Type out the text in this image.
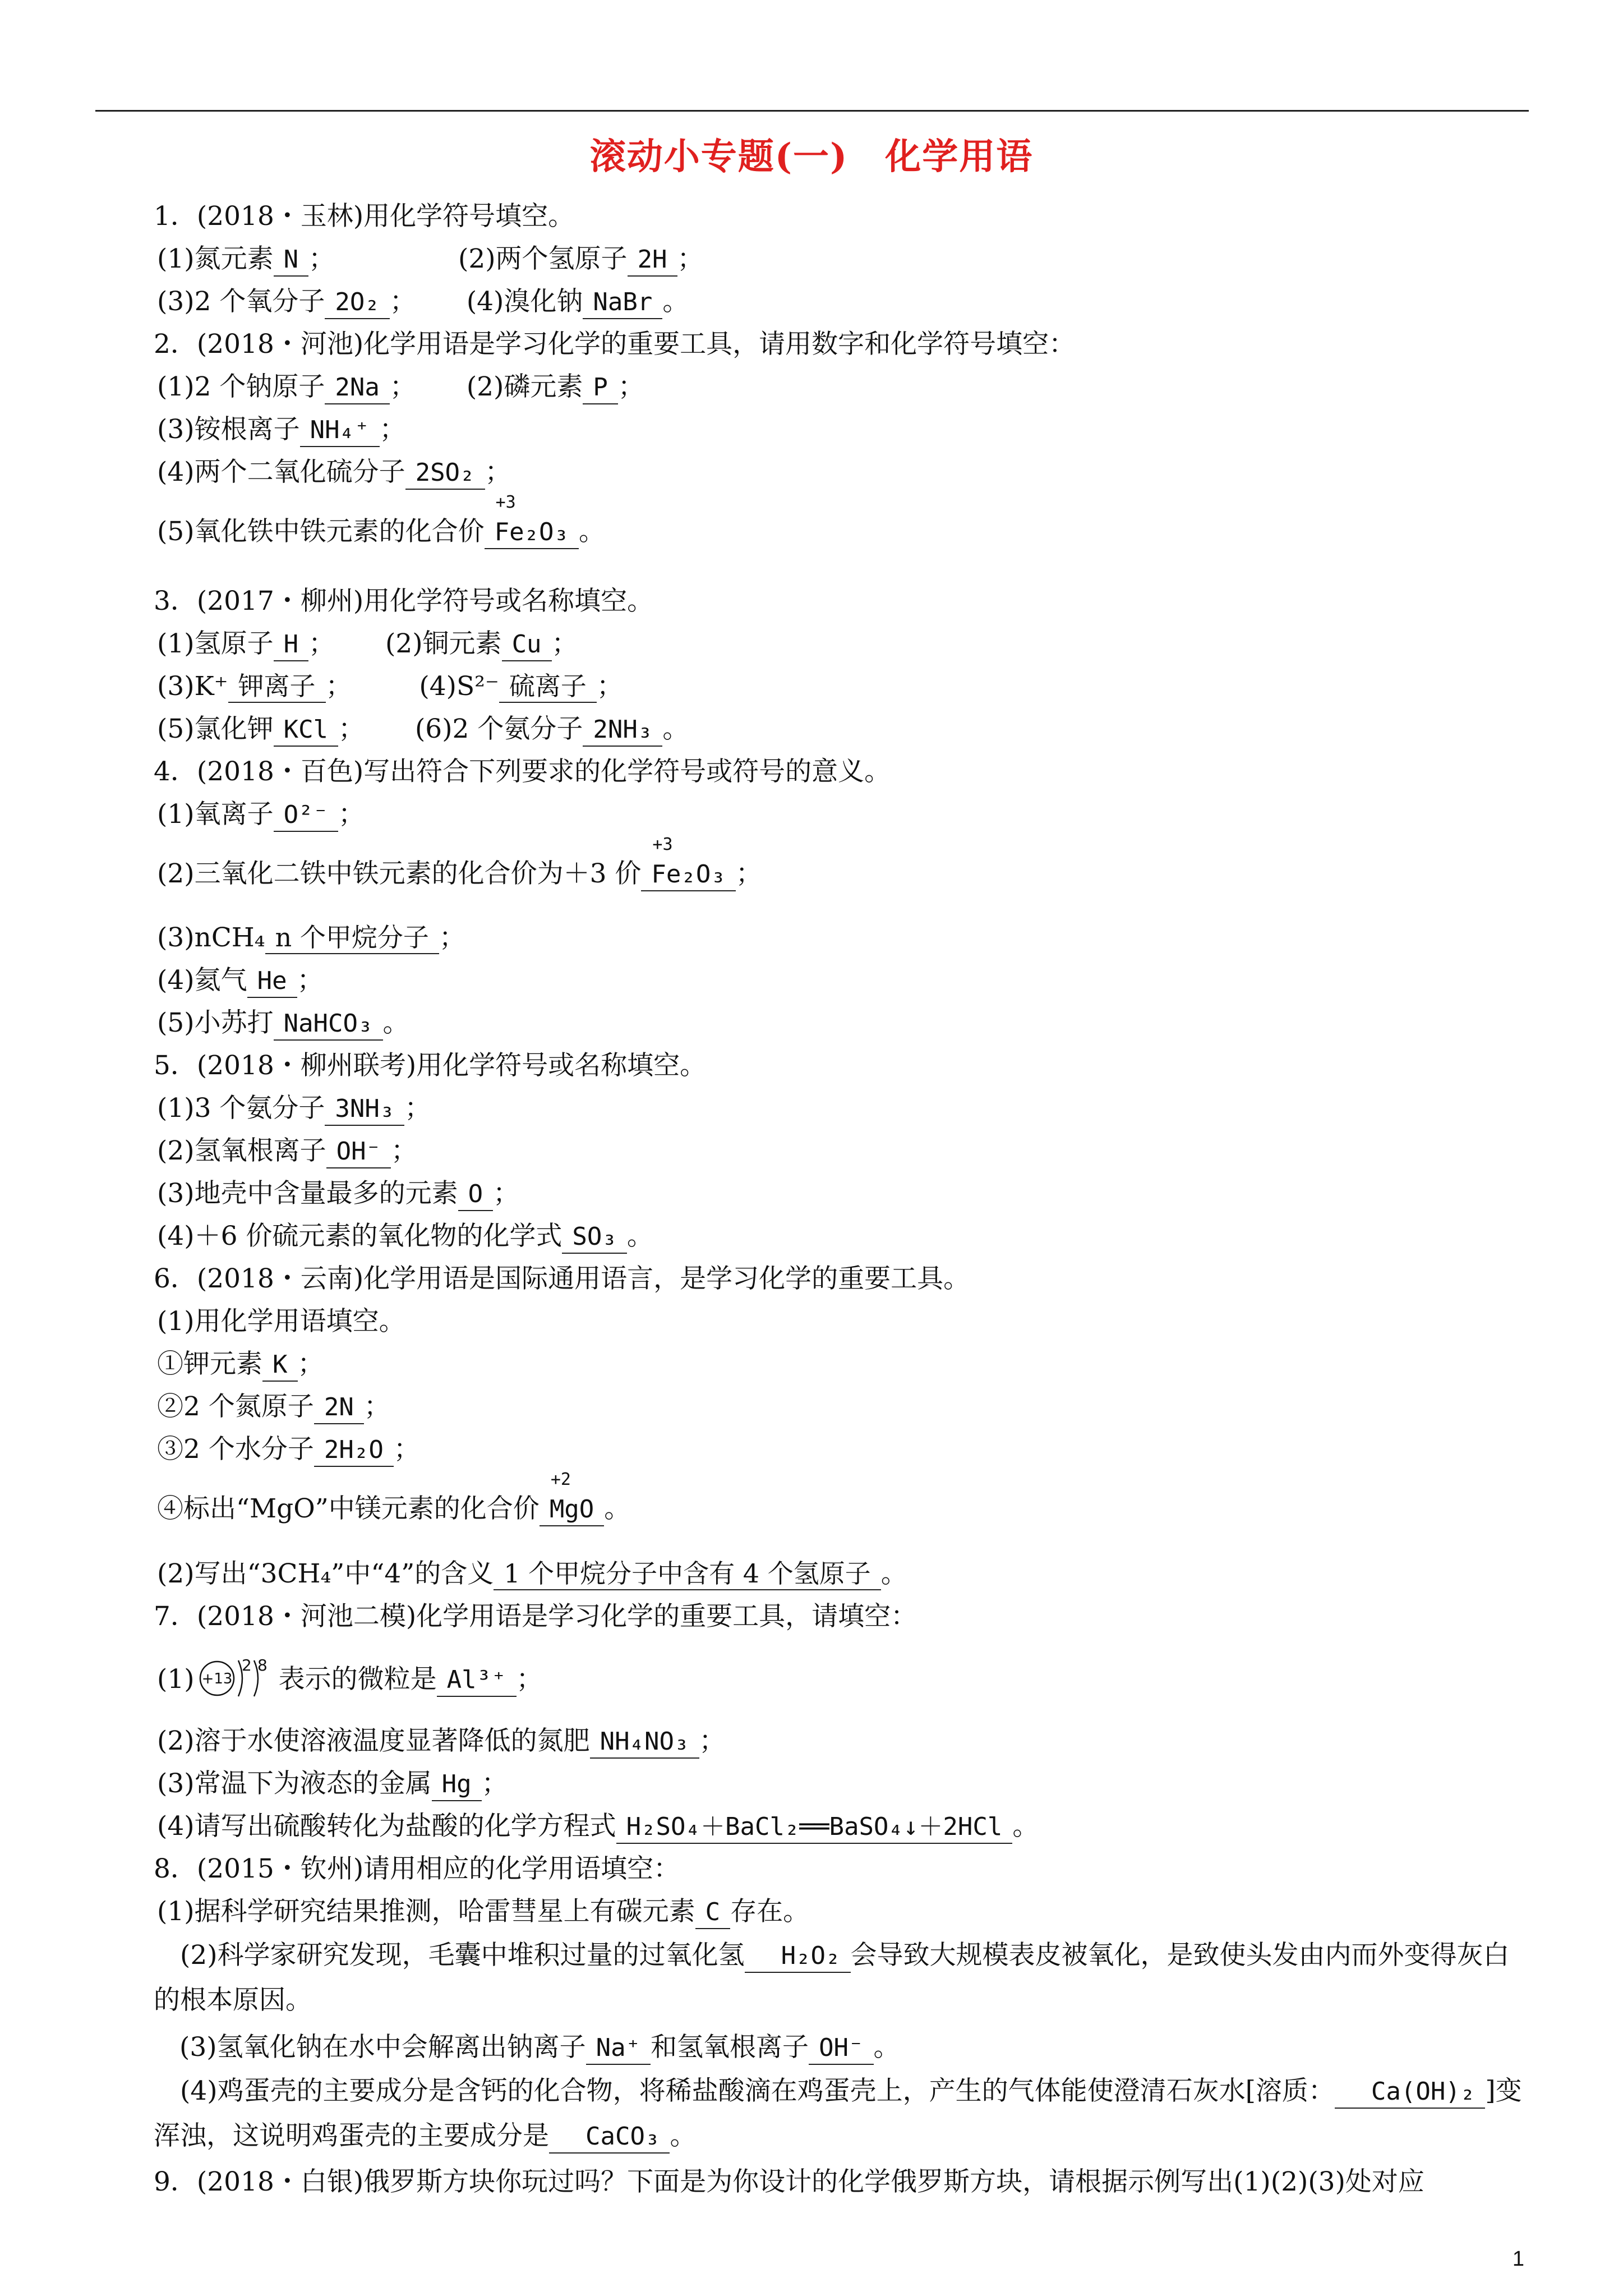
滚动小专题(一)　化学用语
1．(2018・玉林)用化学符号填空。
(1)氮元素 N ；	(2)两个氢原子 2H ；
(3)2 个氧分子 2O₂ ； (4)溴化钠 NaBr 。
2．(2018・河池)化学用语是学习化学的重要工具，请用数字和化学符号填空：
(1)2 个钠原子 2Na ； (2)磷元素 P ；
(3)铵根离子 NH₄⁺ ；
(4)两个二氧化硫分子 2SO₂ ；
(5)氧化铁中铁元素的化合价
+3
Fe₂O₃ 。
3．(2017・柳州)用化学符号或名称填空。
(1)氢原子 H ； (2)铜元素 Cu ；
(3)K⁺ 钾离子 ；	(4)S²⁻ 硫离子 ；
(5)氯化钾 KCl ； (6)2 个氨分子 2NH₃ 。
4．(2018・百色)写出符合下列要求的化学符号或符号的意义。
(1)氧离子 O²⁻ ；
(2)三氧化二铁中铁元素的化合价为＋3 价
+3
Fe₂O₃ ；
(3)nCH₄ n 个甲烷分子 ；
(4)氦气 He ；
(5)小苏打 NaHCO₃ 。
5．(2018・柳州联考)用化学符号或名称填空。
(1)3 个氨分子 3NH₃ ；
(2)氢氧根离子 OH⁻ ；
(3)地壳中含量最多的元素 O ；
(4)＋6 价硫元素的氧化物的化学式 SO₃ 。
6．(2018・云南)化学用语是国际通用语言，是学习化学的重要工具。
(1)用化学用语填空。
①钾元素 K ；
②2 个氮原子 2N ；
③2 个水分子 2H₂O ；
④标出“MgO”中镁元素的化合价
+2
MgO 。
(2)写出“3CH₄”中“4”的含义 1 个甲烷分子中含有 4 个氢原子 。
7．(2018・河池二模)化学用语是学习化学的重要工具，请填空：
(1) +13
2 8 表示的微粒是 Al³⁺ ；
(2)溶于水使溶液温度显著降低的氮肥 NH₄NO₃ ；
(3)常温下为液态的金属 Hg ；
(4)请写出硫酸转化为盐酸的化学方程式 H₂SO₄＋BaCl₂══BaSO₄↓＋2HCl 。
8．(2015・钦州)请用相应的化学用语填空：
(1)据科学研究结果推测，哈雷彗星上有碳元素 C 存在。
(2)科学家研究发现，毛囊中堆积过量的过氧化氢 H₂O₂ 会导致大规模表皮被氧化，是致使头发由内而外变得灰白的根本原因。
(3)氢氧化钠在水中会解离出钠离子 Na⁺ 和氢氧根离子 OH⁻ 。
(4)鸡蛋壳的主要成分是含钙的化合物，将稀盐酸滴在鸡蛋壳上，产生的气体能使澄清石灰水[溶质： Ca(OH)₂ ]变浑浊，这说明鸡蛋壳的主要成分是 CaCO₃ 。
9．(2018・白银)俄罗斯方块你玩过吗？下面是为你设计的化学俄罗斯方块，请根据示例写出(1)(2)(3)处对应
1
